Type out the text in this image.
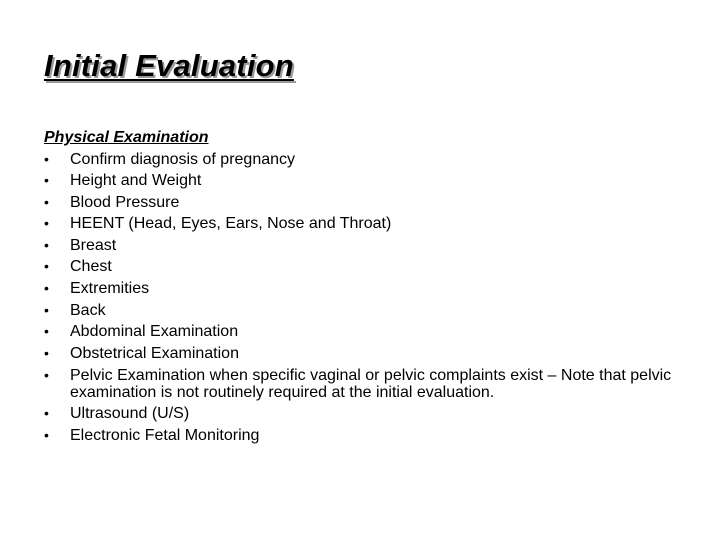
Initial Evaluation

Physical Examination

• Confirm diagnosis of pregnancy
• Height and Weight
• Blood Pressure
• HEENT (Head, Eyes, Ears, Nose and Throat)
• Breast
• Chest
• Extremities
• Back
• Abdominal Examination
• Obstetrical Examination
• Pelvic Examination when specific vaginal or pelvic complaints exist – Note that pelvic examination is not routinely required at the initial evaluation.
• Ultrasound (U/S)
• Electronic Fetal Monitoring
